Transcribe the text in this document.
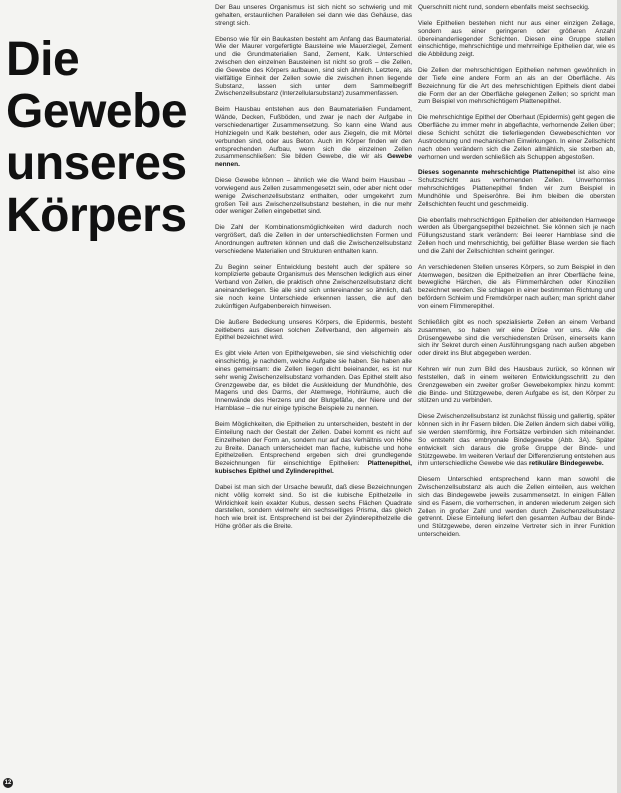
Die
Gewebe
unseres
Körpers

Der Bau unseres Organismus ist sich nicht so schwierig und mit gehalten, erstaunlichen Parallelen sei dann wie das Gehäuse, das strengt sich.

Ebenso wie für ein Baukasten besteht am Anfang das Baumaterial. Wie der Maurer vorgefertigte Bausteine wie Mauerziegel, Zement und die Grundmaterialien Sand, Zement, Kalk. Unterschied zwischen den einzelnen Bausteinen ist nicht so groß – die Zellen, die Gewebe des Körpers aufbauen, sind sich ähnlich. Letztere, als vielfältige Einheit der Zellen sowie die zwischen ihnen liegende Substanz, lassen sich unter dem Sammelbegriff Zwischenzellsubstanz (Interzellularsubstanz) zusammenfassen.

Beim Hausbau entstehen aus den Baumaterialien Fundament, Wände, Decken, Fußböden, und zwar je nach der Aufgabe in verschiedenartiger Zusammensetzung. So kann eine Wand aus Hohlziegeln und Kalk bestehen, oder aus Ziegeln, die mit Mörtel verbunden sind, oder aus Beton. Auch im Körper finden wir den entsprechenden Aufbau, wenn sich die einzelnen Zellen zusammenschließen: Sie bilden Gewebe, die wir als Gewebe nennen.

Diese Gewebe können – ähnlich wie die Wand beim Hausbau – vorwiegend aus Zellen zusammengesetzt sein, oder aber nicht oder wenige Zwischenzellsubstanz enthalten, oder umgekehrt zum großen Teil aus Zwischenzellsubstanz bestehen, in die nur mehr oder weniger Zellen eingebettet sind.

Die Zahl der Kombinationsmöglichkeiten wird dadurch noch vergrößert, daß die Zellen in der unterschiedlichsten Formen und Anordnungen auftreten können und daß die Zwischenzellsubstanz verschiedene Materialien und Strukturen enthalten kann.

Zu Beginn seiner Entwicklung besteht auch der spätere so komplizierte gebaute Organismus des Menschen lediglich aus einer Verband von Zellen, die praktisch ohne Zwischenzellsubstanz dicht aneinanderliegen. Sie alle sind sich untereinander so ähnlich, daß sie noch keine Unterschiede erkennen lassen, die auf den zukünftigen Aufgabenbereich hinweisen.

Die äußere Bedeckung unseres Körpers, die Epidermis, besteht zeitlebens aus diesen solchen Zellverband, den allgemein als Epithel bezeichnet wird.

Es gibt viele Arten von Epithelgeweben, sie sind vielschichtig oder einschichtig, je nachdem, welche Aufgabe sie haben. Sie haben alle eines gemeinsam: die Zellen liegen dicht beieinander, es ist nur sehr wenig Zwischenzellsubstanz vorhanden. Das Epithel stellt also Grenzgewebe dar, es bildet die Auskleidung der Mundhöhle, des Magens und des Darms, der Atemwege, Hohlräume, auch die Innenwände des Herzens und der Blutgefäße, der Niere und der Harnblase – die nur einige typische Beispiele zu nennen.

Beim Möglichkeiten, die Epithelien zu unterscheiden, besteht in der Einteilung nach der Gestalt der Zellen. Dabei kommt es nicht auf Einzelheiten der Form an, sondern nur auf das Verhältnis von Höhe zu Breite. Danach unterscheidet man flache, kubische und hohe Epithelzellen. Entsprechend ergeben sich drei grundlegende Bezeichnungen für einschichtige Epithelien: Plattenepithel, kubisches Epithel und Zylinderepithel.

Dabei ist man sich der Ursache bewußt, daß diese Bezeichnungen nicht völlig korrekt sind. So ist die kubische Epithelzelle in Wirklichkeit kein exakter Kubus, dessen sechs Flächen Quadrate darstellen, sondern vielmehr ein sechsseitiges Prisma, das gleich hoch wie breit ist. Entsprechend ist bei der Zylinderepithelzelle die Höhe größer als die Breite.

Querschnitt nicht rund, sondern ebenfalls meist sechseckig.

Viele Epithelien bestehen nicht nur aus einer einzigen Zellage, sondern aus einer geringeren oder größeren Anzahl übereinanderliegender Schichten. Diesen eine Gruppe stellen einschichtige, mehrschichtige und mehrreihige Epithelien dar, wie es die Abbildung zeigt.

Die Zellen der mehrschichtigen Epithelien nehmen gewöhnlich in der Tiefe eine andere Form an als an der Oberfläche. Als Bezeichnung für die Art des mehrschichtigen Epithels dient dabei die Form der an der Oberfläche gelegenen Zellen; so spricht man zum Beispiel von mehrschichtigem Plattenepithel.

Die mehrschichtige Epithel der Oberhaut (Epidermis) geht gegen die Oberfläche zu immer mehr in abgeflachte, verhornende Zellen über; diese Schicht schützt die tieferliegenden Gewebeschichten vor Austrocknung und mechanischen Einwirkungen. In einer Zellschicht nach oben verändern sich die Zellen allmählich, sie sterben ab, verhornen und werden schließlich als Schuppen abgestoßen.

Dieses sogenannte mehrschichtige Plattenepithel ist also eine Schutzschicht aus verhornenden Zellen. Unverhorntes mehrschichtiges Plattenepithel finden wir zum Beispiel in Mundhöhle und Speiseröhre. Bei ihm bleiben die obersten Zellschichten feucht und geschmeidig.

Die ebenfalls mehrschichtigen Epithelien der ableitenden Harnwege werden als Übergangsepithel bezeichnet. Sie können sich je nach Füllungszustand stark verändern: Bei leerer Harnblase sind die Zellen hoch und mehrschichtig, bei gefüllter Blase werden sie flach und die Zahl der Zellschichten scheint geringer.

An verschiedenen Stellen unseres Körpers, so zum Beispiel in den Atemwegen, besitzen die Epithelzellen an ihrer Oberfläche feine, bewegliche Härchen, die als Flimmerhärchen oder Kinozilien bezeichnet werden. Sie schlagen in einer bestimmten Richtung und befördern Schleim und Fremdkörper nach außen; man spricht daher von einem Flimmerepithel.

Schließlich gibt es noch spezialisierte Zellen an einem Verband zusammen, so haben wir eine Drüse vor uns. Alle die Drüsengewebe sind die verschiedensten Drüsen, einerseits kann sich ihr Sekret durch einen Ausführungsgang nach außen abgeben oder direkt ins Blut abgegeben werden.

Kehren wir nun zum Bild des Hausbaus zurück, so können wir feststellen, daß in einem weiteren Entwicklungsschritt zu den Grenzgeweben ein zweiter großer Gewebekomplex hinzu kommt: die Binde- und Stützgewebe, deren Aufgabe es ist, den Körper zu stützen und zu verbinden.

Diese Zwischenzellsubstanz ist zunächst flüssig und gallertig, später können sich in ihr Fasern bilden. Die Zellen ändern sich dabei völlig, sie werden sternförmig, ihre Fortsätze verbinden sich miteinander. So entsteht das embryonale Bindegewebe (Abb. 3A). Später entwickelt sich daraus die große Gruppe der Binde- und Stützgewebe. Im weiteren Verlauf der Differenzierung entstehen aus ihm unterschiedliche Gewebe wie das retikuläre Bindegewebe.

Diesem Unterschied entsprechend kann man sowohl die Zwischenzellsubstanz als auch die Zellen einteilen, aus welchen sich das Bindegewebe jeweils zusammensetzt. In einigen Fällen sind es Fasern, die vorherrschen, in anderen wiederum zeigen sich Zellen in großer Zahl und werden durch Zwischenzellsubstanz getrennt. Diese Einteilung liefert den gesamten Aufbau der Binde- und Stützgewebe, deren einzelne Vertreter sich in ihrer Funktion unterscheiden.

12
